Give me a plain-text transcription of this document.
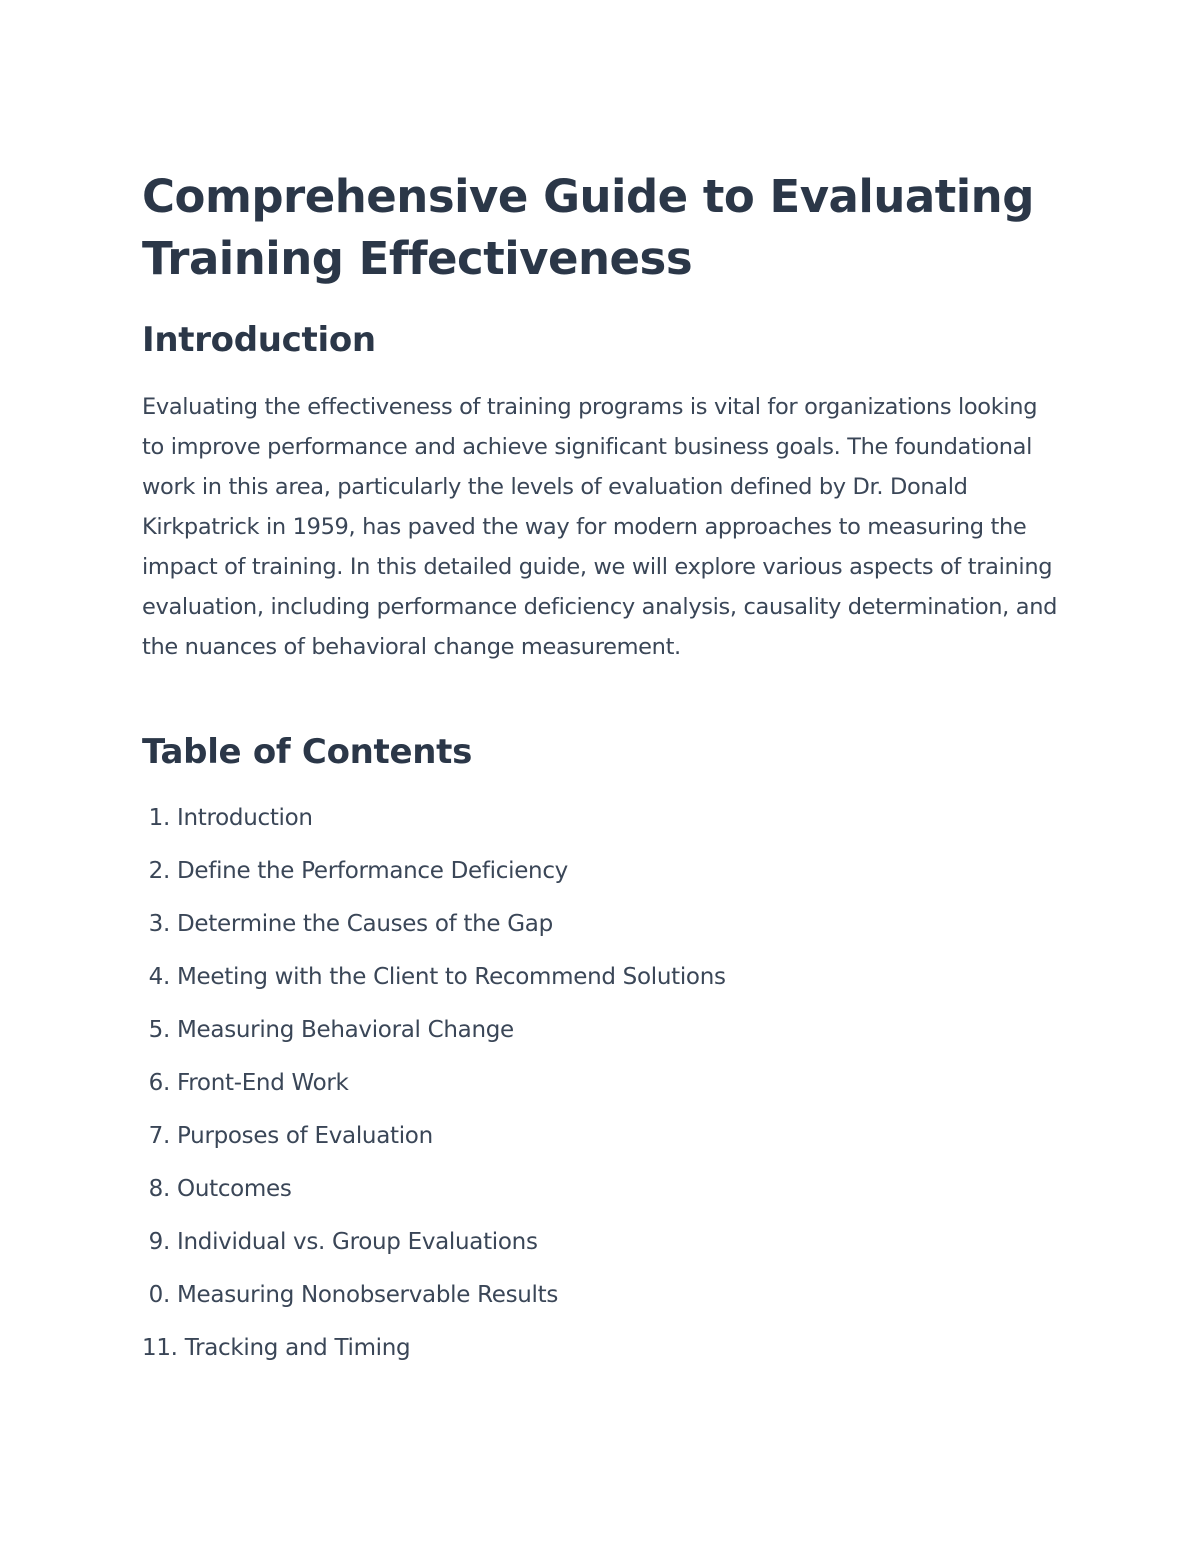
Comprehensive Guide to Evaluating Training Effectiveness
Introduction

Evaluating the effectiveness of training programs is vital for organizations looking to improve performance and achieve significant business goals. The foundational work in this area, particularly the levels of evaluation defined by Dr. Donald Kirkpatrick in 1959, has paved the way for modern approaches to measuring the impact of training. In this detailed guide, we will explore various aspects of training evaluation, including performance deficiency analysis, causality determination, and the nuances of behavioral change measurement.

Table of Contents
1. Introduction
2. Define the Performance Deficiency
3. Determine the Causes of the Gap
4. Meeting with the Client to Recommend Solutions
5. Measuring Behavioral Change
6. Front-End Work
7. Purposes of Evaluation
8. Outcomes
9. Individual vs. Group Evaluations
0. Measuring Nonobservable Results
11. Tracking and Timing
